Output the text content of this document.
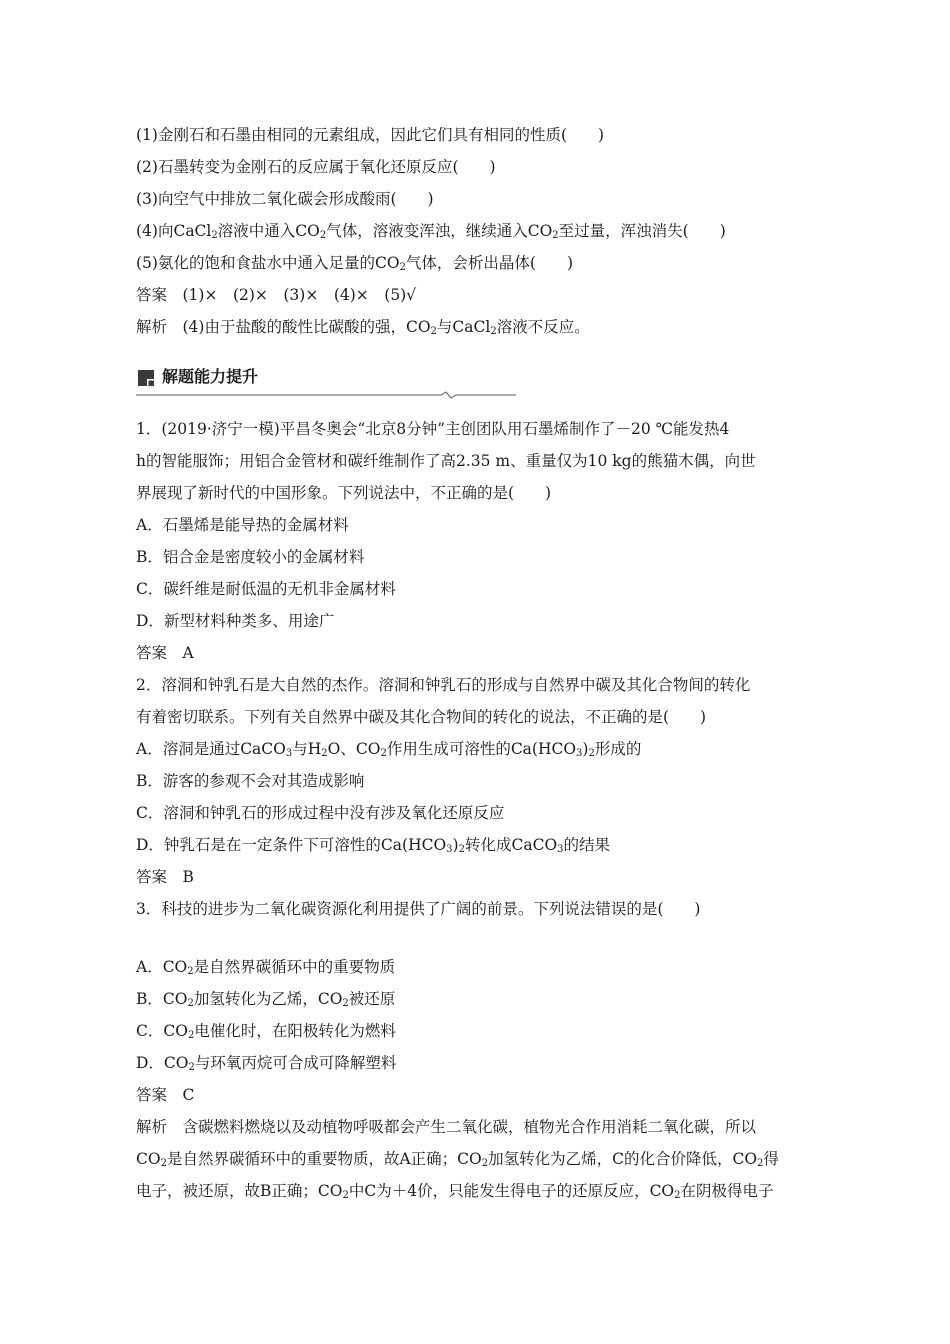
(1)金刚石和石墨由相同的元素组成，因此它们具有相同的性质(　　)
(2)石墨转变为金刚石的反应属于氧化还原反应(　　)
(3)向空气中排放二氧化碳会形成酸雨(　　)
(4)向CaCl$_2$溶液中通入$CO_2$气体，溶液变浑浊，继续通入$CO_2$至过量，浑浊消失(　　)
(5)氨化的饱和食盐水中通入足量的$CO_2$气体，会析出晶体(　　)
答案　(1)×　(2)×　(3)×　(4)×　(5)√
解析　(4)由于盐酸的酸性比碳酸的强，$CO_2$与CaCl$_2$溶液不反应。
解题能力提升
1．(2019·济宁一模)平昌冬奥会“北京8分钟”主创团队用石墨烯制作了－20 ℃能发热4
h的智能服饰；用铝合金管材和碳纤维制作了高2.35 m、重量仅为10 kg的熊猫木偶，向世
界展现了新时代的中国形象。下列说法中，不正确的是(　　)
A．石墨烯是能导热的金属材料
B．铝合金是密度较小的金属材料
C．碳纤维是耐低温的无机非金属材料
D．新型材料种类多、用途广
答案　A
2．溶洞和钟乳石是大自然的杰作。溶洞和钟乳石的形成与自然界中碳及其化合物间的转化
有着密切联系。下列有关自然界中碳及其化合物间的转化的说法，不正确的是(　　)
A．溶洞是通过CaCO$_3$与$H_2O$、$CO_2$作用生成可溶性的$Ca(HCO_3)_2$形成的
B．游客的参观不会对其造成影响
C．溶洞和钟乳石的形成过程中没有涉及氧化还原反应
D．钟乳石是在一定条件下可溶性的$Ca(HCO_3)_2$转化成CaCO$_3$的结果
答案　B
3．科技的进步为二氧化碳资源化利用提供了广阔的前景。下列说法错误的是(　　)
A．$CO_2$是自然界碳循环中的重要物质
B．$CO_2$加氢转化为乙烯，$CO_2$被还原
C．$CO_2$电催化时，在阳极转化为燃料
D．$CO_2$与环氧丙烷可合成可降解塑料
答案　C
解析　含碳燃料燃烧以及动植物呼吸都会产生二氧化碳，植物光合作用消耗二氧化碳，所以
$CO_2$是自然界碳循环中的重要物质，故A正确；$CO_2$加氢转化为乙烯，C的化合价降低，$CO_2$得
电子，被还原，故B正确；$CO_2$中C为＋4价，只能发生得电子的还原反应，$CO_2$在阴极得电子
